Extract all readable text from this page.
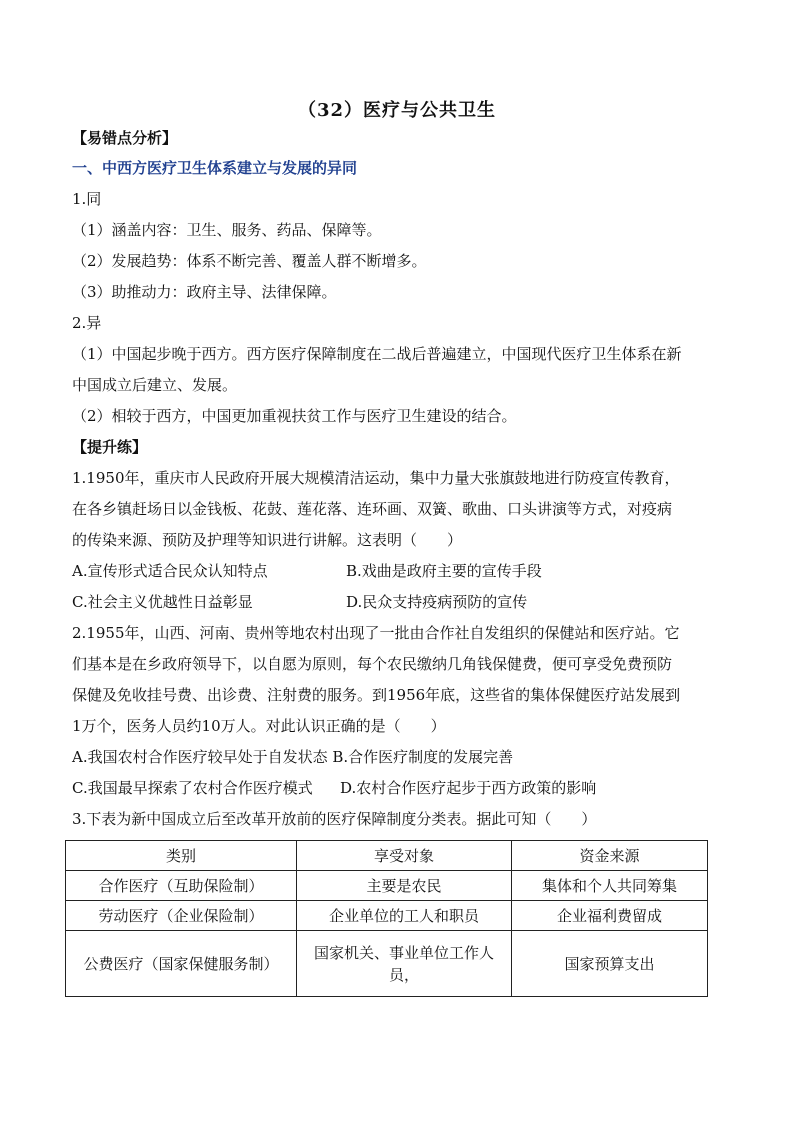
（32）医疗与公共卫生
【易错点分析】
一、中西方医疗卫生体系建立与发展的异同
1.同
（1）涵盖内容：卫生、服务、药品、保障等。
（2）发展趋势：体系不断完善、覆盖人群不断增多。
（3）助推动力：政府主导、法律保障。
2.异
（1）中国起步晚于西方。西方医疗保障制度在二战后普遍建立，中国现代医疗卫生体系在新
中国成立后建立、发展。
（2）相较于西方，中国更加重视扶贫工作与医疗卫生建设的结合。
【提升练】
1.1950年，重庆市人民政府开展大规模清洁运动，集中力量大张旗鼓地进行防疫宣传教育，
在各乡镇赶场日以金钱板、花鼓、莲花落、连环画、双簧、歌曲、口头讲演等方式，对疫病
的传染来源、预防及护理等知识进行讲解。这表明（　　）
A.宣传形式适合民众认知特点	B.戏曲是政府主要的宣传手段
C.社会主义优越性日益彰显	D.民众支持疫病预防的宣传
2.1955年，山西、河南、贵州等地农村出现了一批由合作社自发组织的保健站和医疗站。它
们基本是在乡政府领导下，以自愿为原则，每个农民缴纳几角钱保健费，便可享受免费预防
保健及免收挂号费、出诊费、注射费的服务。到1956年底，这些省的集体保健医疗站发展到
1万个，医务人员约10万人。对此认识正确的是（　　）
A.我国农村合作医疗较早处于自发状态 B.合作医疗制度的发展完善
C.我国最早探索了农村合作医疗模式 D.农村合作医疗起步于西方政策的影响
3.下表为新中国成立后至改革开放前的医疗保障制度分类表。据此可知（　　）
类别	享受对象	资金来源
合作医疗（互助保险制）	主要是农民	集体和个人共同筹集
劳动医疗（企业保险制）	企业单位的工人和职员	企业福利费留成
公费医疗（国家保健服务制）	国家机关、事业单位工作人员，	国家预算支出
